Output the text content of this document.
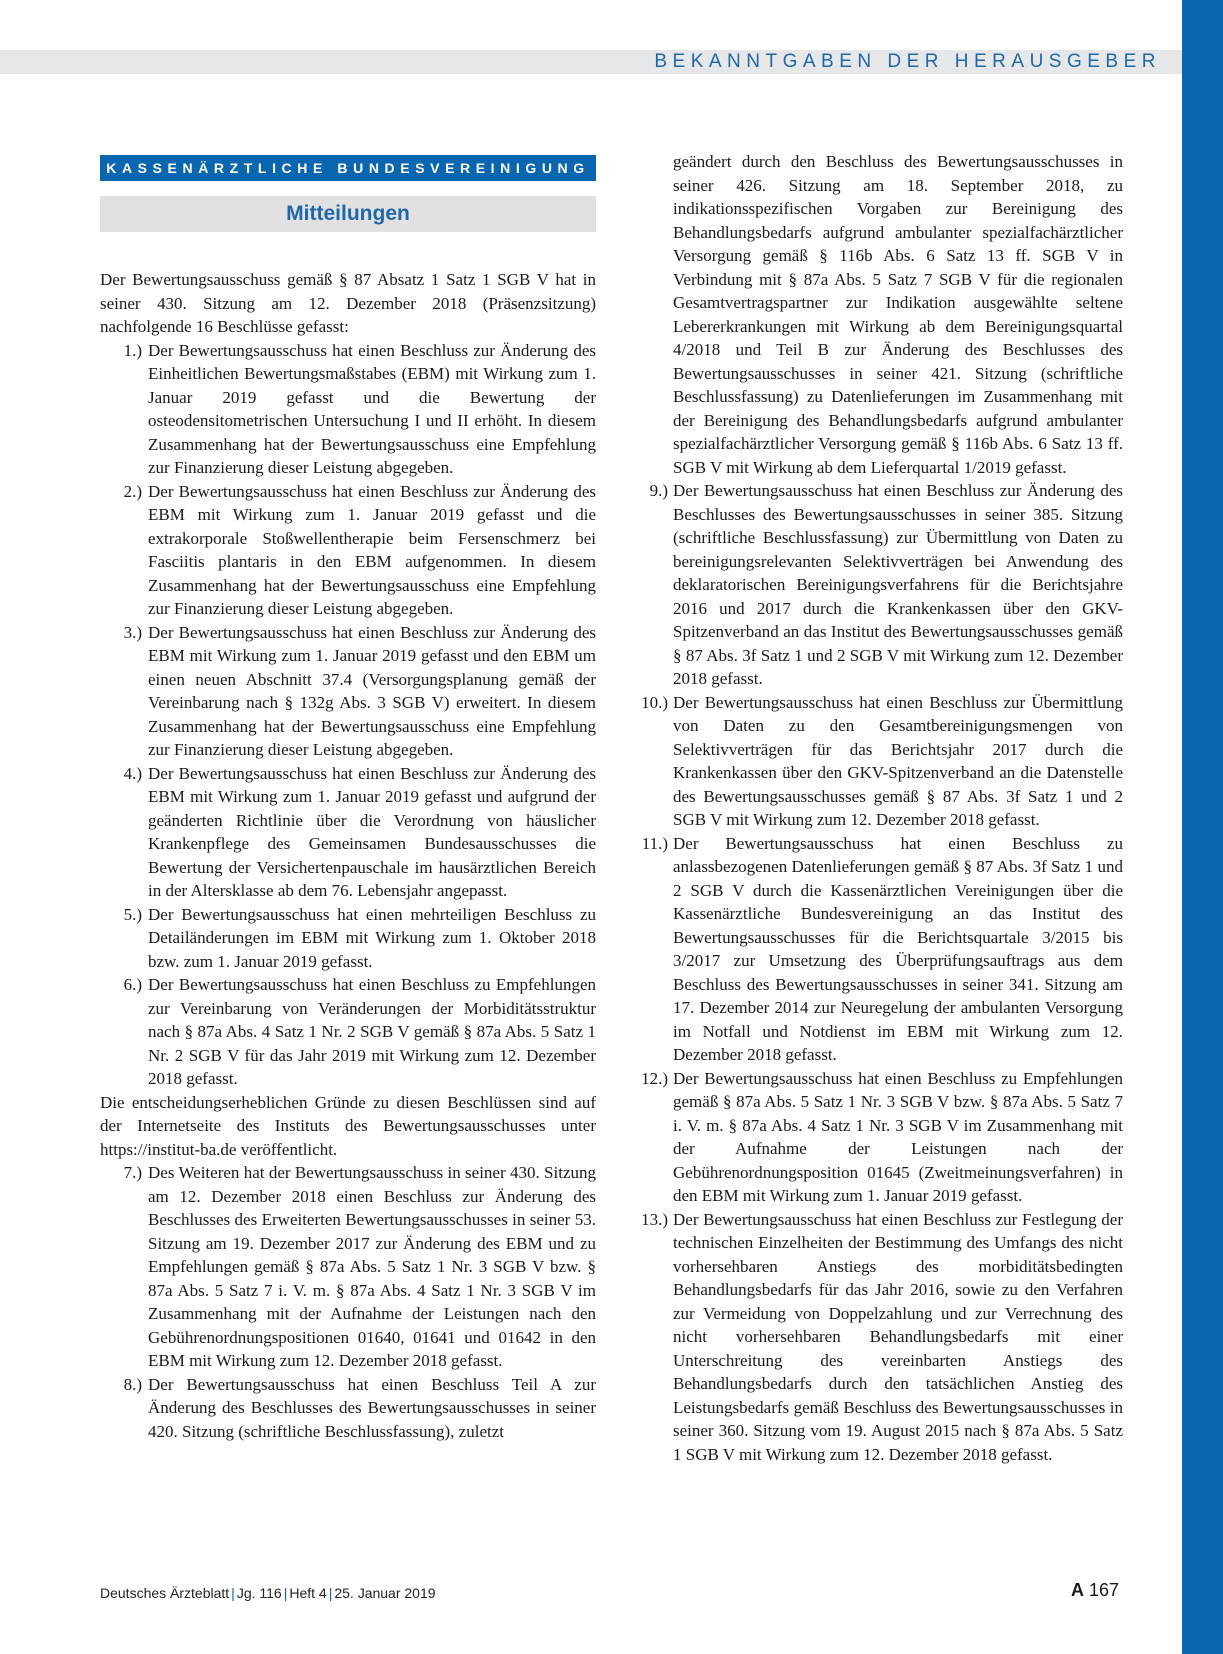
BEKANNTGABEN DER HERAUSGEBER
KASSENÄRZTLICHE BUNDESVEREINIGUNG
Mitteilungen

Der Bewertungsausschuss gemäß § 87 Absatz 1 Satz 1 SGB V hat in seiner 430. Sitzung am 12. Dezember 2018 (Präsenzsitzung) nachfolgende 16 Beschlüsse gefasst:

1.) Der Bewertungsausschuss hat einen Beschluss zur Änderung des Einheitlichen Bewertungsmaßstabes (EBM) mit Wirkung zum 1. Januar 2019 gefasst und die Bewertung der osteodensitometrischen Untersuchung I und II erhöht. In diesem Zusammenhang hat der Bewertungsausschuss eine Empfehlung zur Finanzierung dieser Leistung abgegeben.
2.) Der Bewertungsausschuss hat einen Beschluss zur Änderung des EBM mit Wirkung zum 1. Januar 2019 gefasst und die extrakorporale Stoßwellentherapie beim Fersenschmerz bei Fasciitis plantaris in den EBM aufgenommen. In diesem Zusammenhang hat der Bewertungsausschuss eine Empfehlung zur Finanzierung dieser Leistung abgegeben.
3.) Der Bewertungsausschuss hat einen Beschluss zur Änderung des EBM mit Wirkung zum 1. Januar 2019 gefasst und den EBM um einen neuen Abschnitt 37.4 (Versorgungsplanung gemäß der Vereinbarung nach § 132g Abs. 3 SGB V) erweitert. In diesem Zusammenhang hat der Bewertungsausschuss eine Empfehlung zur Finanzierung dieser Leistung abgegeben.
4.) Der Bewertungsausschuss hat einen Beschluss zur Änderung des EBM mit Wirkung zum 1. Januar 2019 gefasst und aufgrund der geänderten Richtlinie über die Verordnung von häuslicher Krankenpflege des Gemeinsamen Bundesausschusses die Bewertung der Versichertenpauschale im hausärztlichen Bereich in der Altersklasse ab dem 76. Lebensjahr angepasst.
5.) Der Bewertungsausschuss hat einen mehrteiligen Beschluss zu Detailänderungen im EBM mit Wirkung zum 1. Oktober 2018 bzw. zum 1. Januar 2019 gefasst.
6.) Der Bewertungsausschuss hat einen Beschluss zu Empfehlungen zur Vereinbarung von Veränderungen der Morbiditätsstruktur nach § 87a Abs. 4 Satz 1 Nr. 2 SGB V gemäß § 87a Abs. 5 Satz 1 Nr. 2 SGB V für das Jahr 2019 mit Wirkung zum 12. Dezember 2018 gefasst.

Die entscheidungserheblichen Gründe zu diesen Beschlüssen sind auf der Internetseite des Instituts des Bewertungsausschusses unter https://institut-ba.de veröffentlicht.

7.) Des Weiteren hat der Bewertungsausschuss in seiner 430. Sitzung am 12. Dezember 2018 einen Beschluss zur Änderung des Beschlusses des Erweiterten Bewertungsausschusses in seiner 53. Sitzung am 19. Dezember 2017 zur Änderung des EBM und zu Empfehlungen gemäß § 87a Abs. 5 Satz 1 Nr. 3 SGB V bzw. § 87a Abs. 5 Satz 7 i. V. m. § 87a Abs. 4 Satz 1 Nr. 3 SGB V im Zusammenhang mit der Aufnahme der Leistungen nach den Gebührenordnungspositionen 01640, 01641 und 01642 in den EBM mit Wirkung zum 12. Dezember 2018 gefasst.
8.) Der Bewertungsausschuss hat einen Beschluss Teil A zur Änderung des Beschlusses des Bewertungsausschusses in seiner 420. Sitzung (schriftliche Beschlussfassung), zuletzt

geändert durch den Beschluss des Bewertungsausschusses in seiner 426. Sitzung am 18. September 2018, zu indikationsspezifischen Vorgaben zur Bereinigung des Behandlungsbedarfs aufgrund ambulanter spezialfachärztlicher Versorgung gemäß § 116b Abs. 6 Satz 13 ff. SGB V in Verbindung mit § 87a Abs. 5 Satz 7 SGB V für die regionalen Gesamtvertragspartner zur Indikation ausgewählte seltene Lebererkrankungen mit Wirkung ab dem Bereinigungsquartal 4/2018 und Teil B zur Änderung des Beschlusses des Bewertungsausschusses in seiner 421. Sitzung (schriftliche Beschlussfassung) zu Datenlieferungen im Zusammenhang mit der Bereinigung des Behandlungsbedarfs aufgrund ambulanter spezialfachärztlicher Versorgung gemäß § 116b Abs. 6 Satz 13 ff. SGB V mit Wirkung ab dem Lieferquartal 1/2019 gefasst.

9.) Der Bewertungsausschuss hat einen Beschluss zur Änderung des Beschlusses des Bewertungsausschusses in seiner 385. Sitzung (schriftliche Beschlussfassung) zur Übermittlung von Daten zu bereinigungsrelevanten Selektivverträgen bei Anwendung des deklaratorischen Bereinigungsverfahrens für die Berichtsjahre 2016 und 2017 durch die Krankenkassen über den GKV-Spitzenverband an das Institut des Bewertungsausschusses gemäß § 87 Abs. 3f Satz 1 und 2 SGB V mit Wirkung zum 12. Dezember 2018 gefasst.
10.) Der Bewertungsausschuss hat einen Beschluss zur Übermittlung von Daten zu den Gesamtbereinigungsmengen von Selektivverträgen für das Berichtsjahr 2017 durch die Krankenkassen über den GKV-Spitzenverband an die Datenstelle des Bewertungsausschusses gemäß § 87 Abs. 3f Satz 1 und 2 SGB V mit Wirkung zum 12. Dezember 2018 gefasst.
11.) Der Bewertungsausschuss hat einen Beschluss zu anlassbezogenen Datenlieferungen gemäß § 87 Abs. 3f Satz 1 und 2 SGB V durch die Kassenärztlichen Vereinigungen über die Kassenärztliche Bundesvereinigung an das Institut des Bewertungsausschusses für die Berichtsquartale 3/2015 bis 3/2017 zur Umsetzung des Überprüfungsauftrags aus dem Beschluss des Bewertungsausschusses in seiner 341. Sitzung am 17. Dezember 2014 zur Neuregelung der ambulanten Versorgung im Notfall und Notdienst im EBM mit Wirkung zum 12. Dezember 2018 gefasst.
12.) Der Bewertungsausschuss hat einen Beschluss zu Empfehlungen gemäß § 87a Abs. 5 Satz 1 Nr. 3 SGB V bzw. § 87a Abs. 5 Satz 7 i. V. m. § 87a Abs. 4 Satz 1 Nr. 3 SGB V im Zusammenhang mit der Aufnahme der Leistungen nach der Gebührenordnungsposition 01645 (Zweitmeinungsverfahren) in den EBM mit Wirkung zum 1. Januar 2019 gefasst.
13.) Der Bewertungsausschuss hat einen Beschluss zur Festlegung der technischen Einzelheiten der Bestimmung des Umfangs des nicht vorhersehbaren Anstiegs des morbiditätsbedingten Behandlungsbedarfs für das Jahr 2016, sowie zu den Verfahren zur Vermeidung von Doppelzahlung und zur Verrechnung des nicht vorhersehbaren Behandlungsbedarfs mit einer Unterschreitung des vereinbarten Anstiegs des Behandlungsbedarfs durch den tatsächlichen Anstieg des Leistungsbedarfs gemäß Beschluss des Bewertungsausschusses in seiner 360. Sitzung vom 19. August 2015 nach § 87a Abs. 5 Satz 1 SGB V mit Wirkung zum 12. Dezember 2018 gefasst.
Deutsches Ärzteblatt | Jg. 116 | Heft 4 | 25. Januar 2019	A 167
